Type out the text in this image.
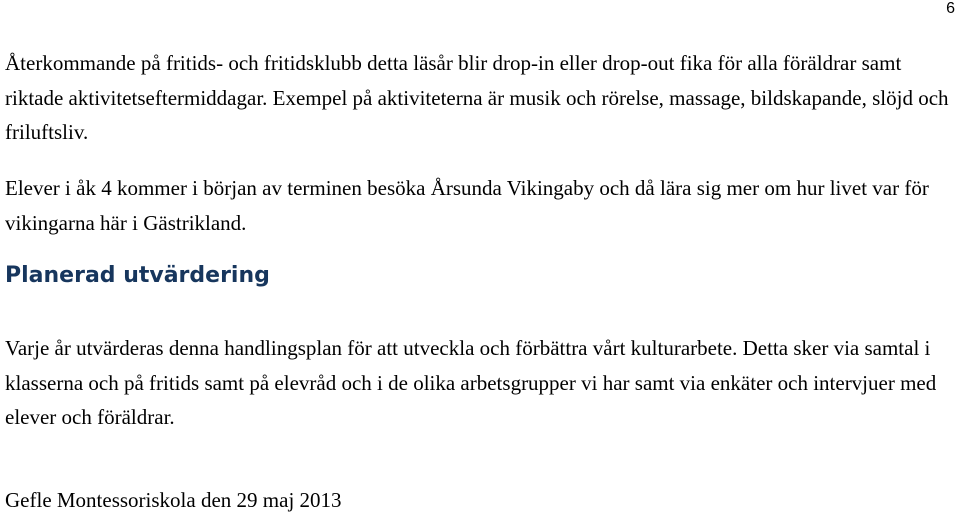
6

Återkommande på fritids- och fritidsklubb detta läsår blir drop-in eller drop-out fika för alla föräldrar samt riktade aktivitetseftermiddagar. Exempel på aktiviteterna är musik och rörelse, massage, bildskapande, slöjd och friluftsliv.

Elever i åk 4 kommer i början av terminen besöka Årsunda Vikingaby och då lära sig mer om hur livet var för vikingarna här i Gästrikland.

Planerad utvärdering

Varje år utvärderas denna handlingsplan för att utveckla och förbättra vårt kulturarbete. Detta sker via samtal i klasserna och på fritids samt på elevråd och i de olika arbetsgrupper vi har samt via enkäter och intervjuer med elever och föräldrar.

Gefle Montessoriskola den 29 maj 2013
